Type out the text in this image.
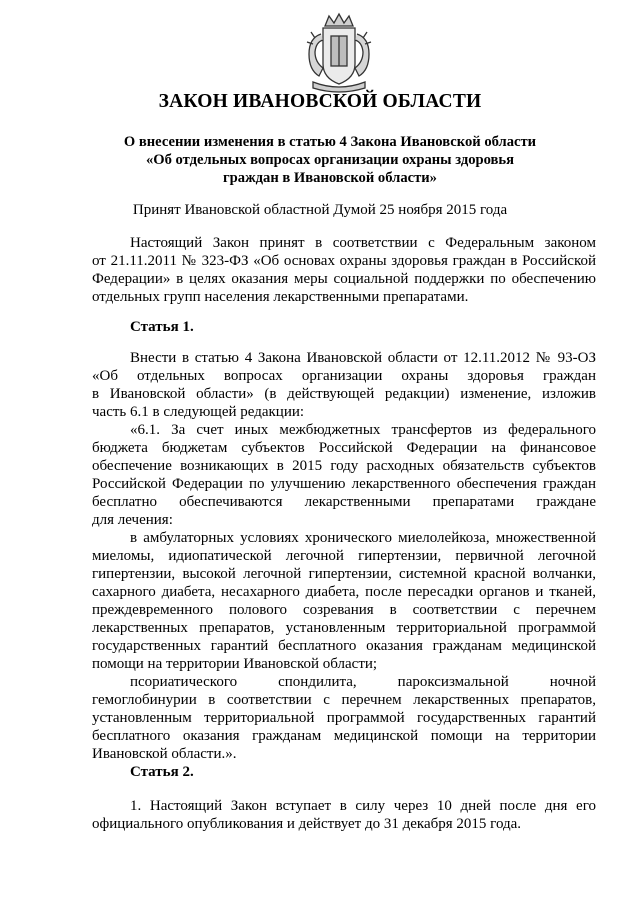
ЗАКОН ИВАНОВСКОЙ ОБЛАСТИ
О внесении изменения в статью 4 Закона Ивановской области
«Об отдельных вопросах организации охраны здоровья
граждан в Ивановской области»
Принят Ивановской областной Думой 25 ноября 2015 года
Настоящий Закон принят в соответствии с Федеральным законом
от 21.11.2011 № 323-ФЗ «Об основах охраны здоровья граждан в Российской
Федерации» в целях оказания меры социальной поддержки по обеспечению
отдельных групп населения лекарственными препаратами.
Статья 1.
Внести в статью 4 Закона Ивановской области от 12.11.2012 № 93-ОЗ
«Об отдельных вопросах организации охраны здоровья граждан
в Ивановской области» (в действующей редакции) изменение, изложив
часть 6.1 в следующей редакции:
«6.1. За счет иных межбюджетных трансфертов из федерального
бюджета бюджетам субъектов Российской Федерации на финансовое
обеспечение возникающих в 2015 году расходных обязательств субъектов
Российской Федерации по улучшению лекарственного обеспечения граждан
бесплатно обеспечиваются лекарственными препаратами граждане
для лечения:
в амбулаторных условиях хронического миелолейкоза, множественной
миеломы, идиопатической легочной гипертензии, первичной легочной
гипертензии, высокой легочной гипертензии, системной красной волчанки,
сахарного диабета, несахарного диабета, после пересадки органов и тканей,
преждевременного полового созревания в соответствии с перечнем
лекарственных препаратов, установленным территориальной программой
государственных гарантий бесплатного оказания гражданам медицинской
помощи на территории Ивановской области;
псориатического спондилита, пароксизмальной ночной
гемоглобинурии в соответствии с перечнем лекарственных препаратов,
установленным территориальной программой государственных гарантий
бесплатного оказания гражданам медицинской помощи на территории
Ивановской области.».
Статья 2.
1. Настоящий Закон вступает в силу через 10 дней после дня его
официального опубликования и действует до 31 декабря 2015 года.
